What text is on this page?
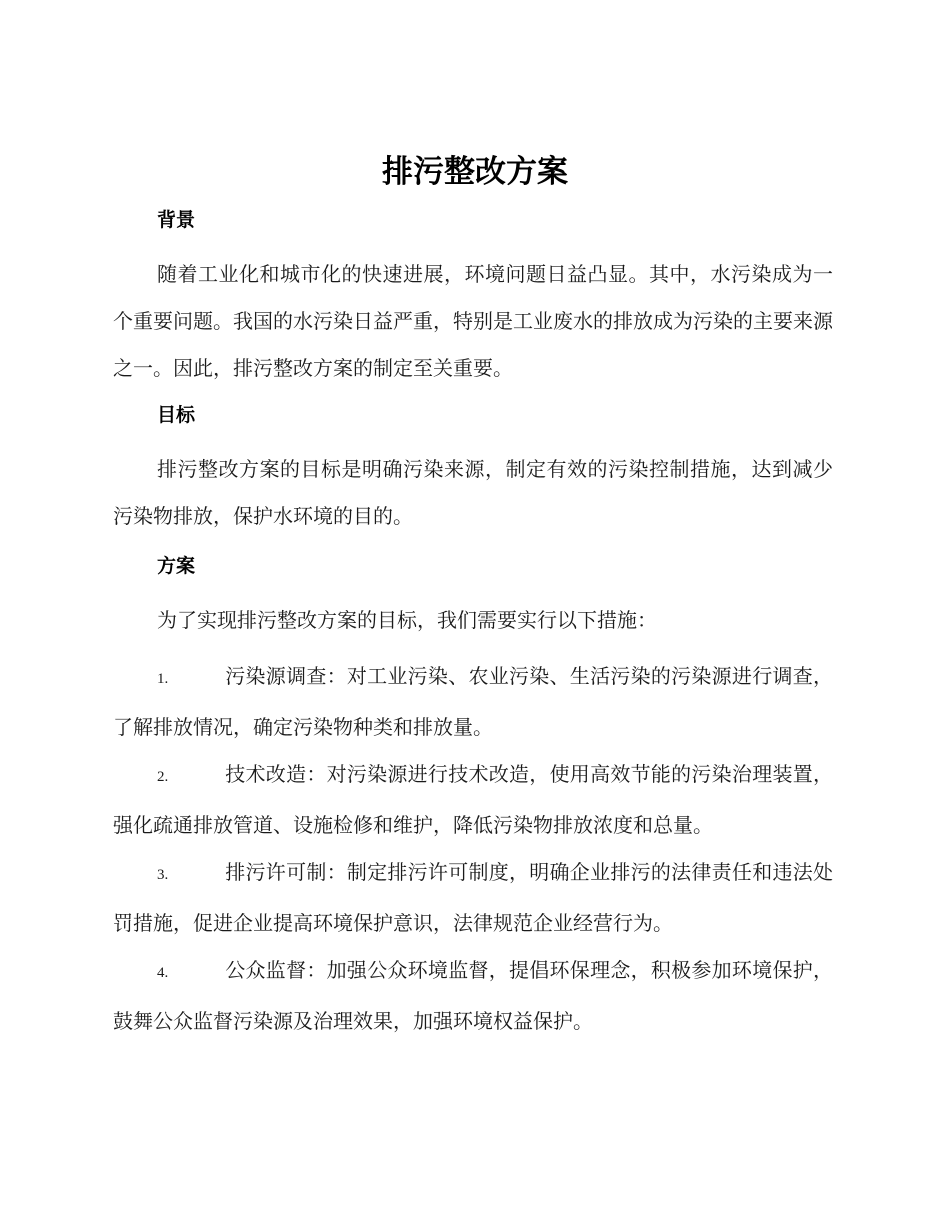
排污整改方案
背景
随着工业化和城市化的快速进展，环境问题日益凸显。其中，水污染成为一个重要问题。我国的水污染日益严重，特别是工业废水的排放成为污染的主要来源之一。因此，排污整改方案的制定至关重要。
目标
排污整改方案的目标是明确污染来源，制定有效的污染控制措施，达到减少污染物排放，保护水环境的目的。
方案
为了实现排污整改方案的目标，我们需要实行以下措施：
1.	污染源调查：对工业污染、农业污染、生活污染的污染源进行调查，了解排放情况，确定污染物种类和排放量。
2.	技术改造：对污染源进行技术改造，使用高效节能的污染治理装置，强化疏通排放管道、设施检修和维护，降低污染物排放浓度和总量。
3.	排污许可制：制定排污许可制度，明确企业排污的法律责任和违法处罚措施，促进企业提高环境保护意识，法律规范企业经营行为。
4.	公众监督：加强公众环境监督，提倡环保理念，积极参加环境保护，鼓舞公众监督污染源及治理效果，加强环境权益保护。
